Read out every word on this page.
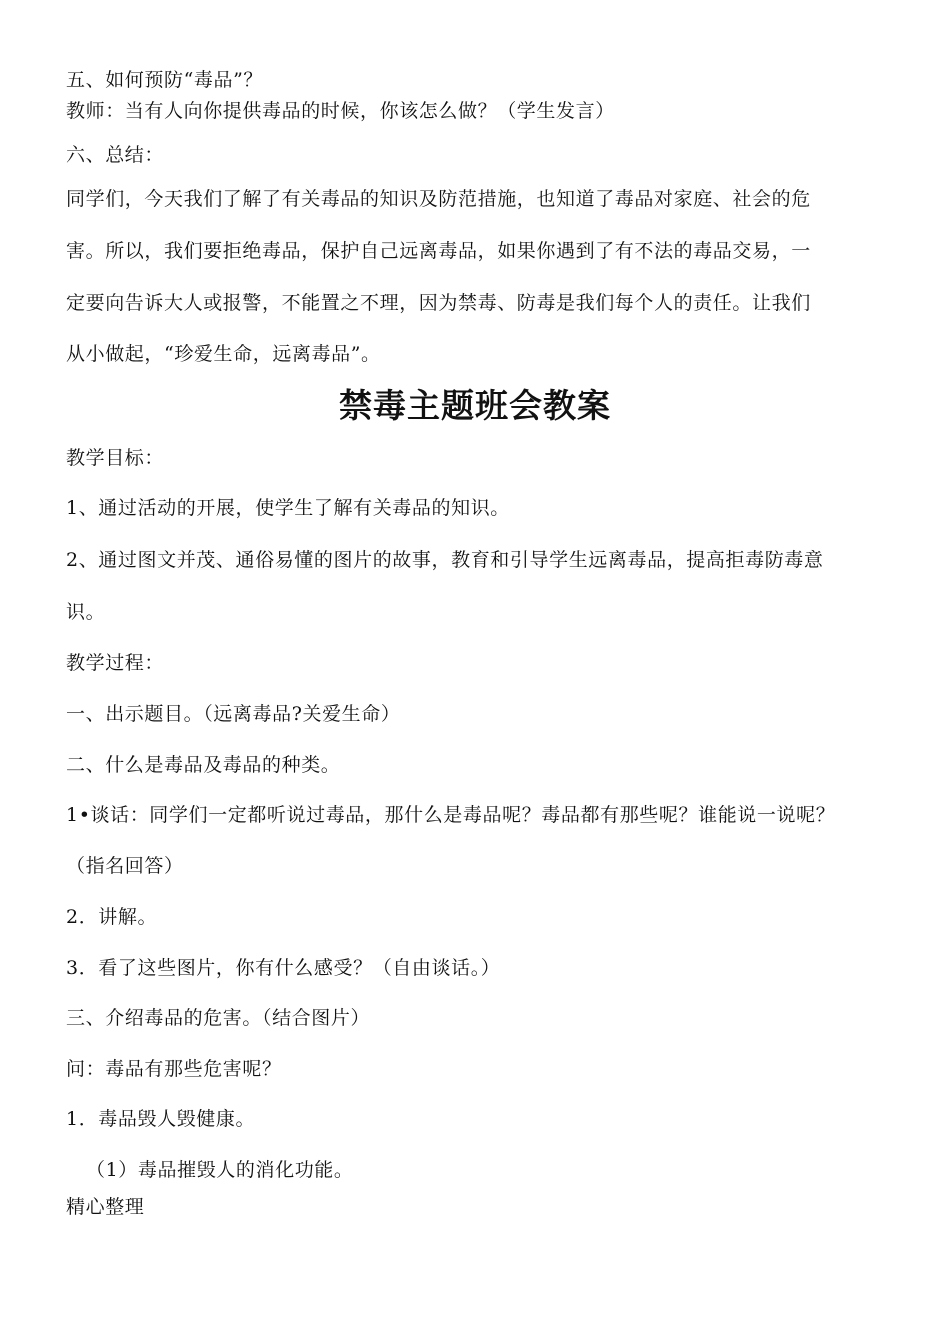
五、如何预防“毒品”？
教师：当有人向你提供毒品的时候，你该怎么做？（学生发言）
六、总结：
同学们，今天我们了解了有关毒品的知识及防范措施，也知道了毒品对家庭、社会的危
害。所以，我们要拒绝毒品，保护自己远离毒品，如果你遇到了有不法的毒品交易，一
定要向告诉大人或报警，不能置之不理，因为禁毒、防毒是我们每个人的责任。让我们
从小做起，“珍爱生命，远离毒品”。
禁毒主题班会教案
教学目标：
1、通过活动的开展，使学生了解有关毒品的知识。
2、通过图文并茂、通俗易懂的图片的故事，教育和引导学生远离毒品，提高拒毒防毒意
识。
教学过程：
一、出示题目。（远离毒品?关爱生命）
二、什么是毒品及毒品的种类。
1•谈话：同学们一定都听说过毒品，那什么是毒品呢？毒品都有那些呢？谁能说一说呢？
（指名回答）
2．讲解。
3．看了这些图片，你有什么感受？（自由谈话。）
三、介绍毒品的危害。（结合图片）
问：毒品有那些危害呢？
1．毒品毁人毁健康。
（1）毒品摧毁人的消化功能。
精心整理
